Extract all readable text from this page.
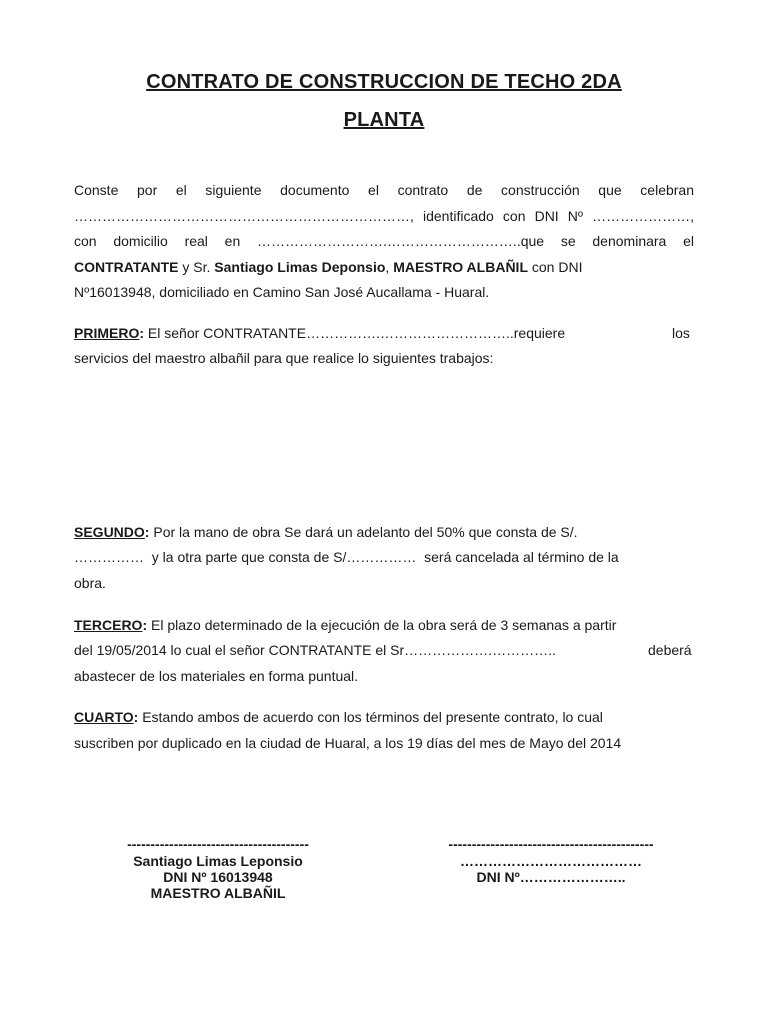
CONTRATO DE CONSTRUCCION DE TECHO 2DA
PLANTA
Conste por el siguiente documento el contrato de construcción que celebran
………………………………………………………………, identificado con DNI Nº …………………,
con domicilio real en ……………………….………………………..que se denominara el
CONTRATANTE y Sr. Santiago Limas Deponsio, MAESTRO ALBAÑIL con DNI
Nº16013948, domiciliado en Camino San José Aucallama - Huaral.
PRIMERO: El señor CONTRATANTE…………….………………………..requiere	los
servicios del maestro albañil para que realice lo siguientes trabajos:
SEGUNDO: Por la mano de obra Se dará un adelanto del 50% que consta de S/.
…………… y la otra parte que consta de S/…………… será cancelada al término de la
obra.
TERCERO: El plazo determinado de la ejecución de la obra será de 3 semanas a partir
del 19/05/2014 lo cual el señor CONTRATANTE el Sr……………….…………..	deberá
abastecer de los materiales en forma puntual.
CUARTO: Estando ambos de acuerdo con los términos del presente contrato, lo cual
suscriben por duplicado en la ciudad de Huaral, a los 19 días del mes de Mayo del 2014
---------------------------------------
Santiago Limas Leponsio
DNI Nº 16013948
MAESTRO ALBAÑIL
--------------------------------------------
…………………………………
DNI Nº…………………..
